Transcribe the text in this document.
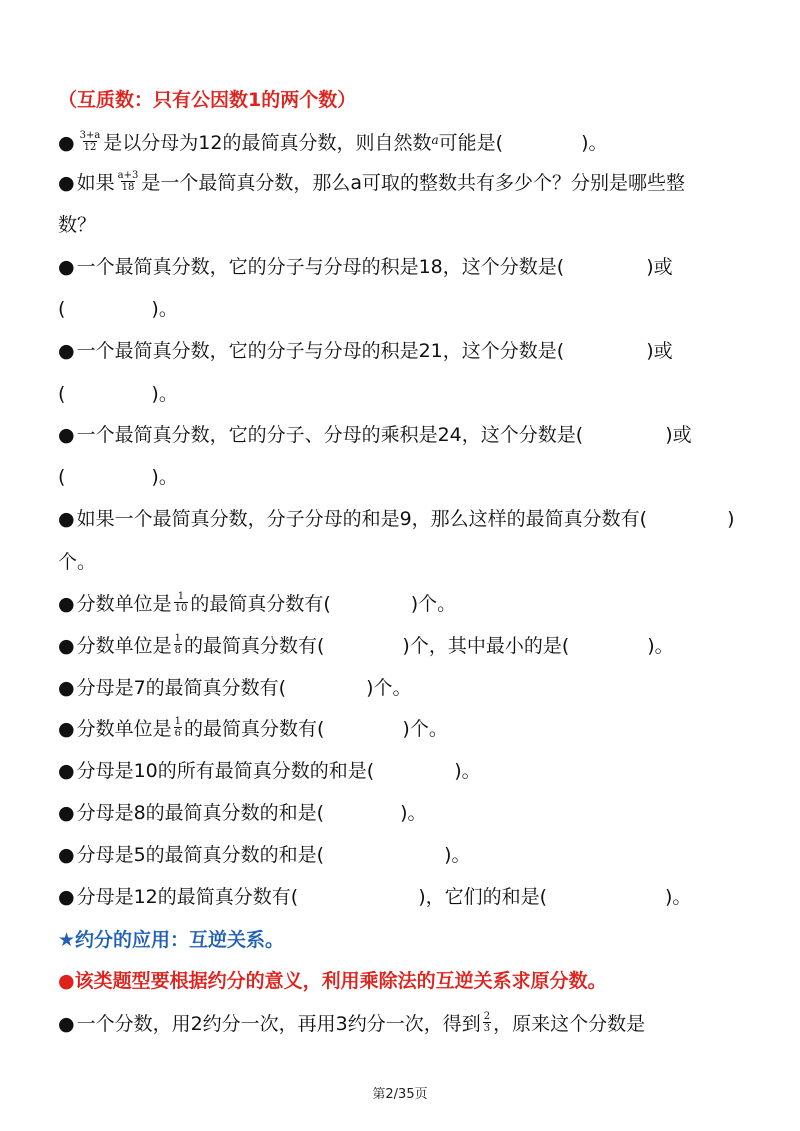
（互质数：只有公因数1的两个数）
● $\frac{3+a}{12}$ 是以分母为12的最简真分数，则自然数$^a$可能是(	)。
● 如果 $\frac{a+3}{18}$ 是一个最简真分数，那么a可取的整数共有多少个？分别是哪些整
数？
● 一个最简真分数，它的分子与分母的积是18，这个分数是(	)或
(	)。
● 一个最简真分数，它的分子与分母的积是21，这个分数是(	)或
(	)。
● 一个最简真分数，它的分子、分母的乘积是24，这个分数是(	)或
(	)。
● 如果一个最简真分数，分子分母的和是9，那么这样的最简真分数有(	)
个。
● 分数单位是 $\frac{1}{10}$ 的最简真分数有(	)个。
● 分数单位是 $\frac{1}{8}$ 的最简真分数有(	)个，其中最小的是(	)。
● 分母是7的最简真分数有(	)个。
● 分数单位是 $\frac{1}{6}$ 的最简真分数有(	)个。
● 分母是10的所有最简真分数的和是(	)。
● 分母是8的最简真分数的和是(	)。
● 分母是5的最简真分数的和是(	)。
● 分母是12的最简真分数有(	)，它们的和是(	)。
★约分的应用：互逆关系。
●该类题型要根据约分的意义，利用乘除法的互逆关系求原分数。
● 一个分数，用2约分一次，再用3约分一次，得到 $\frac{2}{3}$ ，原来这个分数是
第2/35页
